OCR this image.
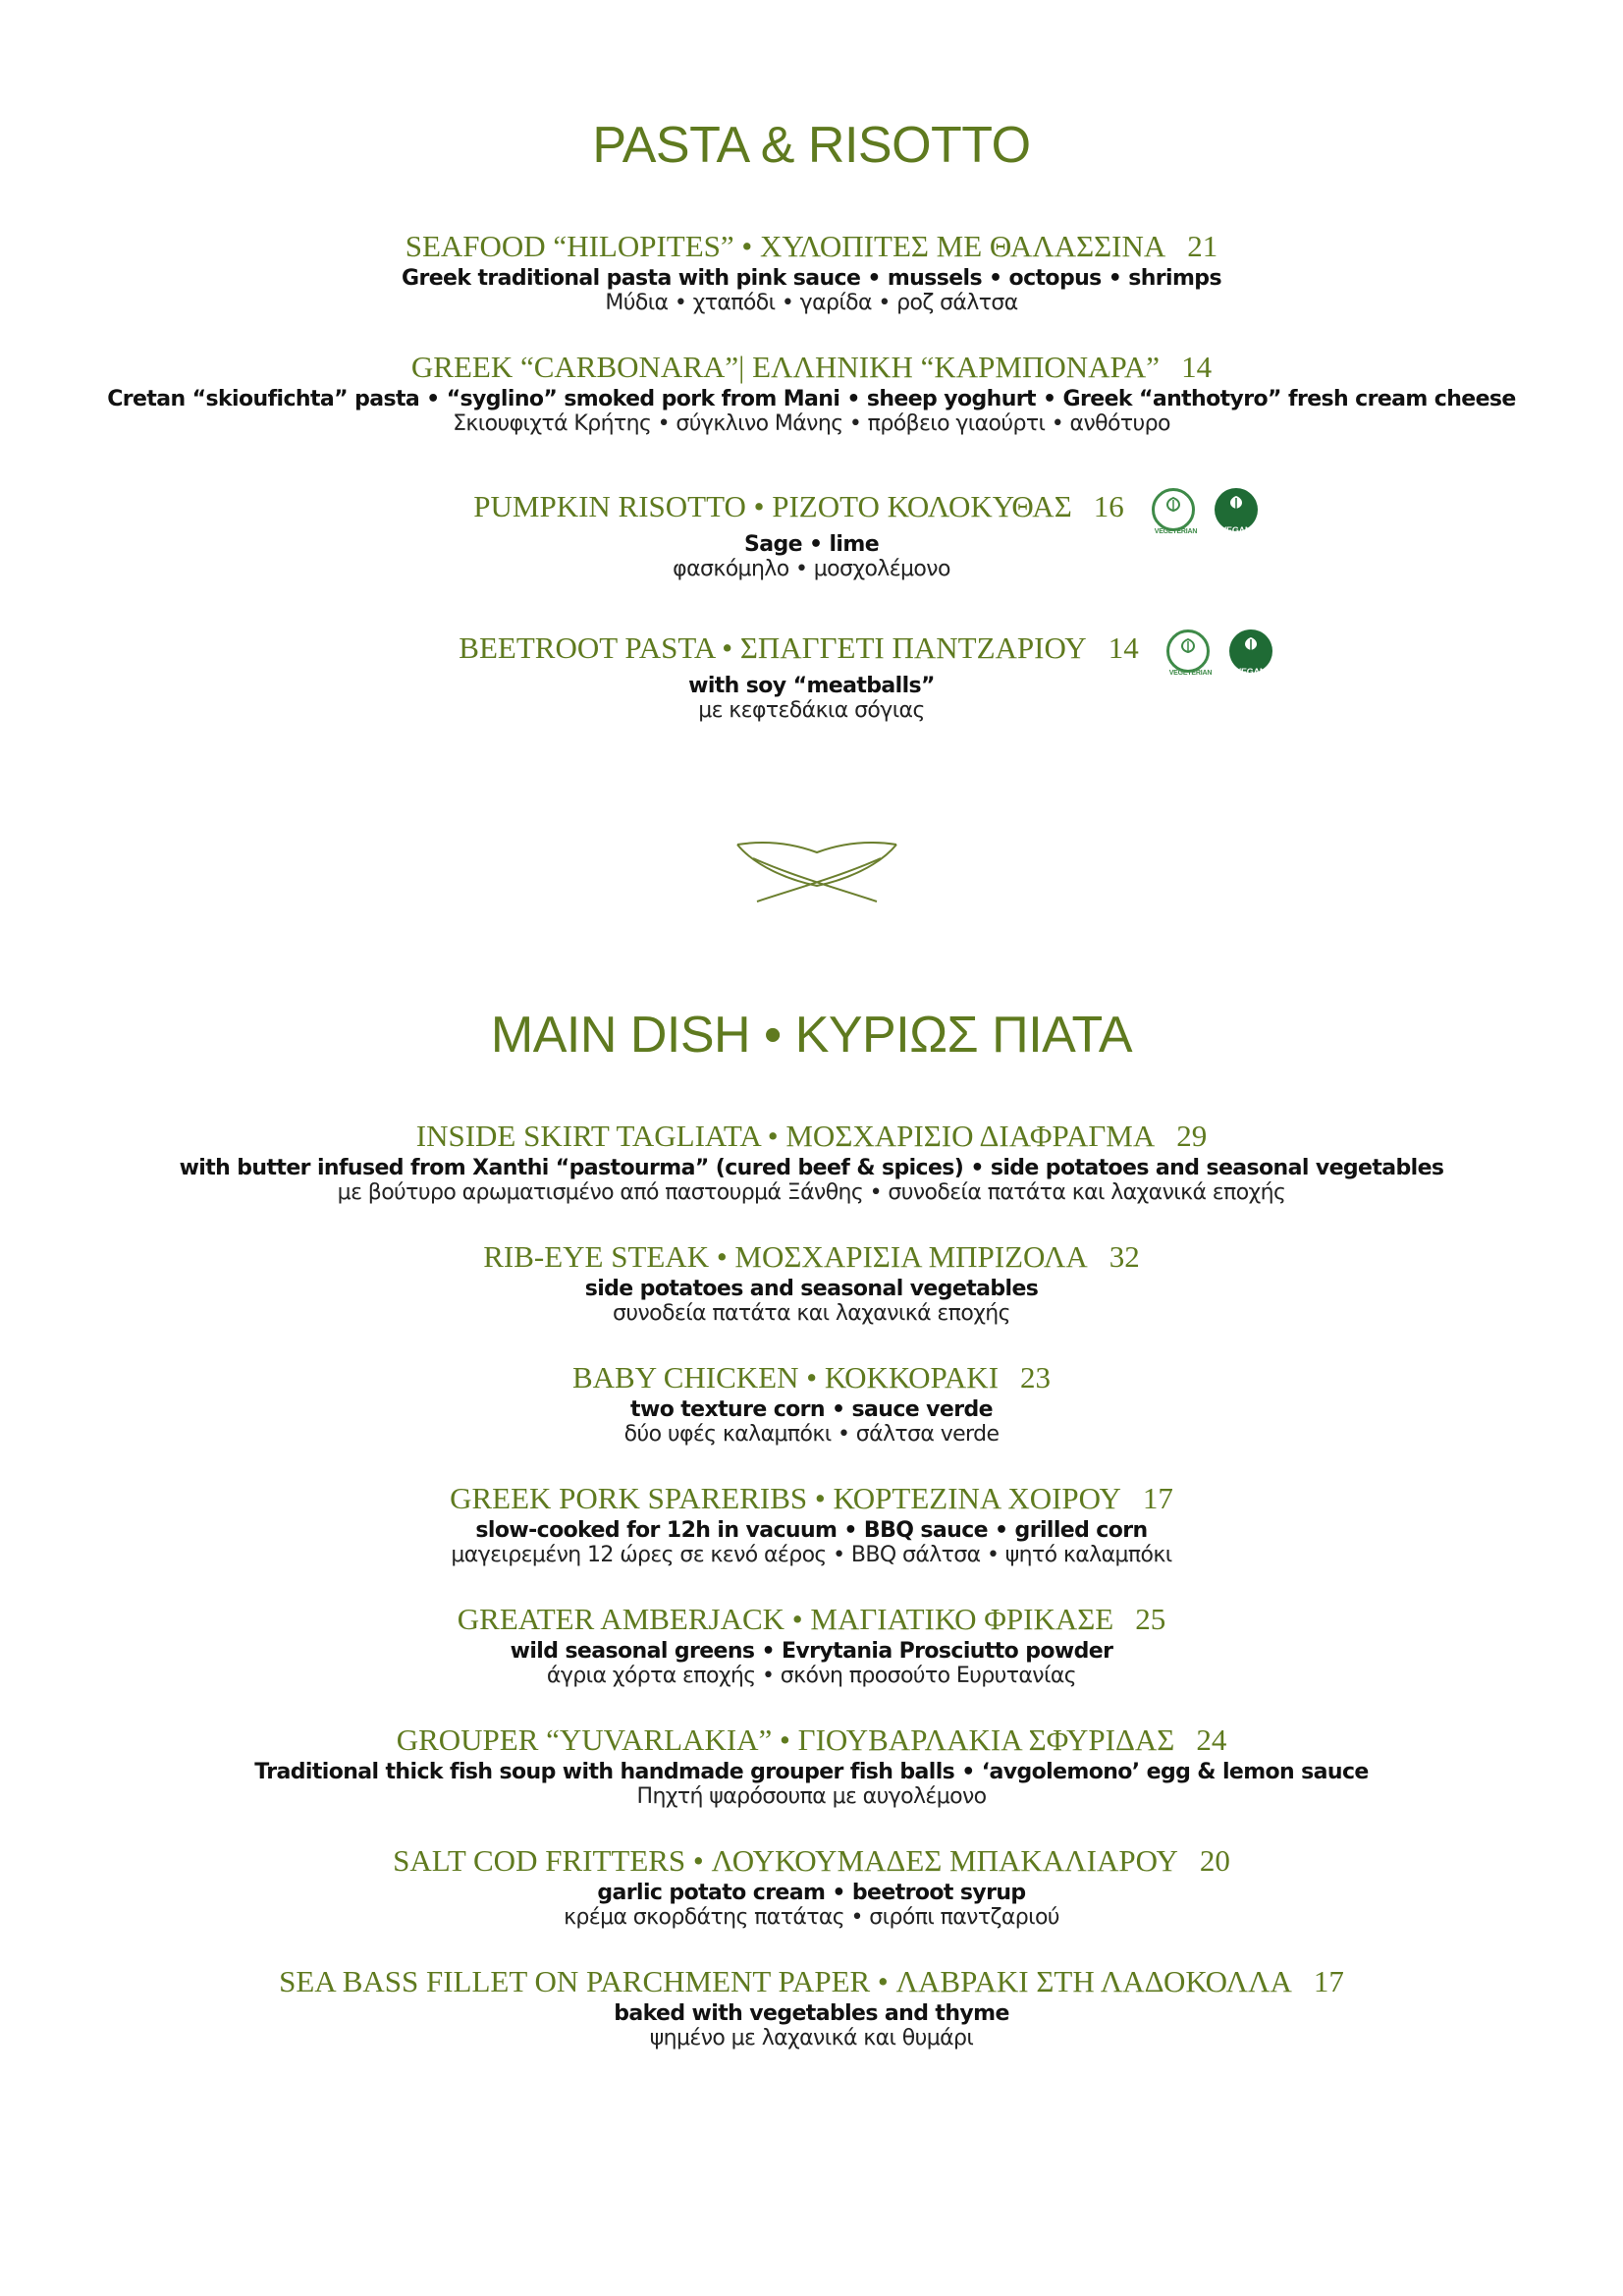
PASTA & RISOTTO
SEAFOOD “HILOPITES” • ΧΥΛΟΠΙΤΕΣ ΜΕ ΘΑΛΑΣΣΙΝΑ 21
Greek traditional pasta with pink sauce • mussels • octopus • shrimps
Μύδια • χταπόδι • γαρίδα • ροζ σάλτσα
GREEK “CARBONARA”| ΕΛΛΗΝΙΚΗ “ΚΑΡΜΠΟΝΑΡΑ” 14
Cretan “skioufichta” pasta • “syglino” smoked pork from Mani • sheep yoghurt • Greek “anthotyro” fresh cream cheese
Σκιουφιχτά Κρήτης • σύγκλινο Μάνης • πρόβειο γιαούρτι • ανθότυρο
PUMPKIN RISOTTO • ΡΙΖΟΤΟ ΚΟΛΟΚΥΘΑΣ 16
VEGETERIAN	VEGAN
Sage • lime
φασκόμηλο • μοσχολέμονο
BEETROOT PASTA • ΣΠΑΓΓΕΤΙ ΠΑΝΤΖΑΡΙΟΥ 14
VEGETERIAN	VEGAN
with soy “meatballs”
με κεφτεδάκια σόγιας
MAIN DISH • ΚΥΡΙΩΣ ΠΙΑΤΑ
INSIDE SKIRT TAGLIATA • ΜΟΣΧΑΡΙΣΙΟ ΔΙΑΦΡΑΓΜΑ 29
with butter infused from Xanthi “pastourma” (cured beef & spices) • side potatoes and seasonal vegetables
με βούτυρο αρωματισμένο από παστουρμά Ξάνθης • συνοδεία πατάτα και λαχανικά εποχής
RIB-EYE STEAK • ΜΟΣΧΑΡΙΣΙΑ ΜΠΡΙΖΟΛΑ 32
side potatoes and seasonal vegetables
συνοδεία πατάτα και λαχανικά εποχής
BABY CHICKEN • ΚΟΚΚΟΡΑΚΙ 23
two texture corn • sauce verde
δύο υφές καλαμπόκι • σάλτσα verde
GREEK PORK SPARERIBS • ΚΟΡΤΕΖΙΝΑ ΧΟΙΡΟΥ 17
slow-cooked for 12h in vacuum • BBQ sauce • grilled corn
μαγειρεμένη 12 ώρες σε κενό αέρος • BBQ σάλτσα • ψητό καλαμπόκι
GREATER AMBERJACK • ΜΑΓΙΑΤΙΚΟ ΦΡΙΚΑΣΕ 25
wild seasonal greens • Evrytania Prosciutto powder
άγρια χόρτα εποχής • σκόνη προσούτο Ευρυτανίας
GROUPER “YUVARLAKIA” • ΓΙΟΥΒΑΡΛΑΚΙΑ ΣΦΥΡΙΔΑΣ 24
Traditional thick fish soup with handmade grouper fish balls • ‘avgolemono’ egg & lemon sauce
Πηχτή ψαρόσουπα με αυγολέμονο
SALT COD FRITTERS • ΛΟΥΚΟΥΜΑΔΕΣ ΜΠΑΚΑΛΙΑΡΟΥ 20
garlic potato cream • beetroot syrup
κρέμα σκορδάτης πατάτας • σιρόπι παντζαριού
SEA BASS FILLET ON PARCHMENT PAPER • ΛΑΒΡΑΚΙ ΣΤΗ ΛΑΔΟΚΟΛΛΑ 17
baked with vegetables and thyme
ψημένο με λαχανικά και θυμάρι
